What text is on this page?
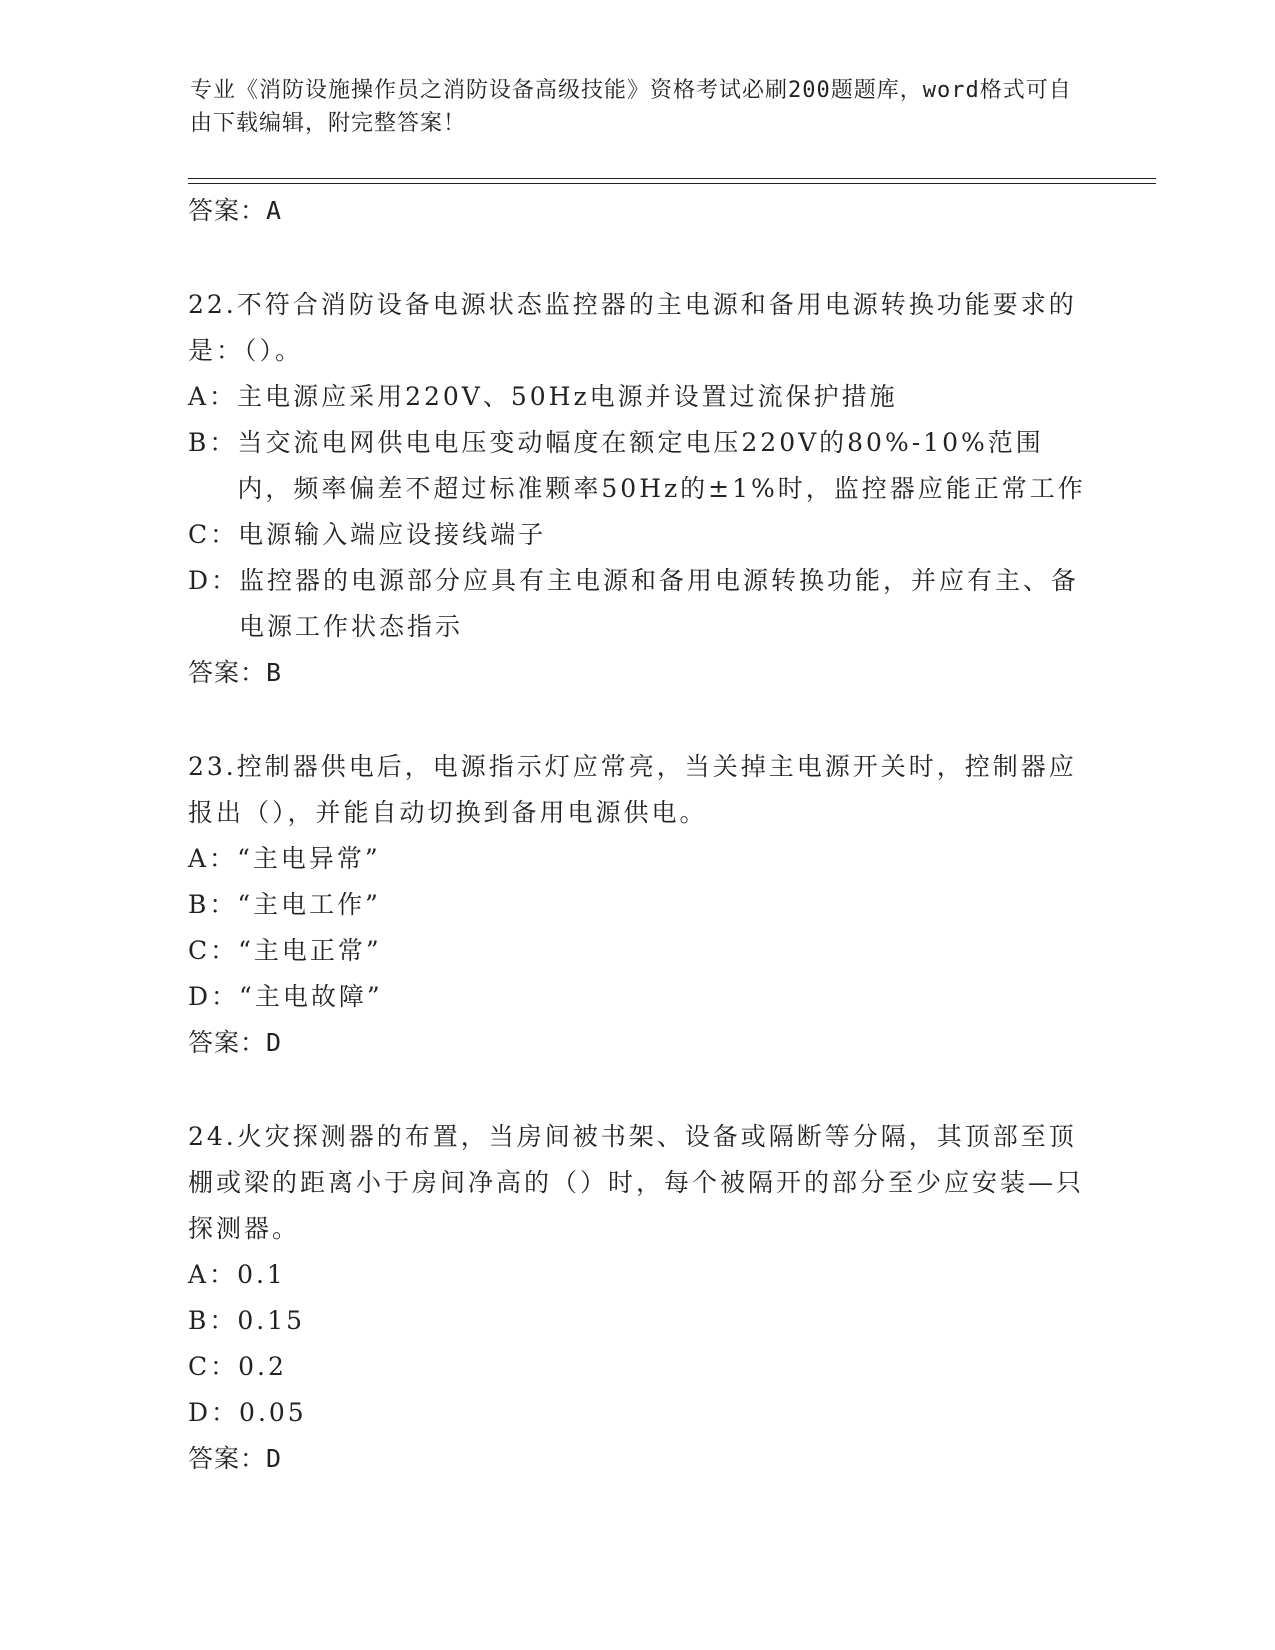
专业《消防设施操作员之消防设备高级技能》资格考试必刷200题题库，word格式可自由下载编辑，附完整答案！

答案：A

22.不符合消防设备电源状态监控器的主电源和备用电源转换功能要求的是：（）。

A： 主电源应采用220V、50Hz电源并设置过流保护措施
B： 当交流电网供电电压变动幅度在额定电压220V的80%-10%范围内，频率偏差不超过标准颗率50Hz的±1%时，监控器应能正常工作
C： 电源输入端应设接线端子
D： 监控器的电源部分应具有主电源和备用电源转换功能，并应有主、备电源工作状态指示

答案：B

23.控制器供电后，电源指示灯应常亮，当关掉主电源开关时，控制器应报出（），并能自动切换到备用电源供电。

A： “主电异常”
B： “主电工作”
C： “主电正常”
D： “主电故障”

答案：D

24.火灾探测器的布置，当房间被书架、设备或隔断等分隔，其顶部至顶棚或梁的距离小于房间净高的（）时，每个被隔开的部分至少应安装—只探测器。

A： 0.1
B： 0.15
C： 0.2
D： 0.05

答案：D
